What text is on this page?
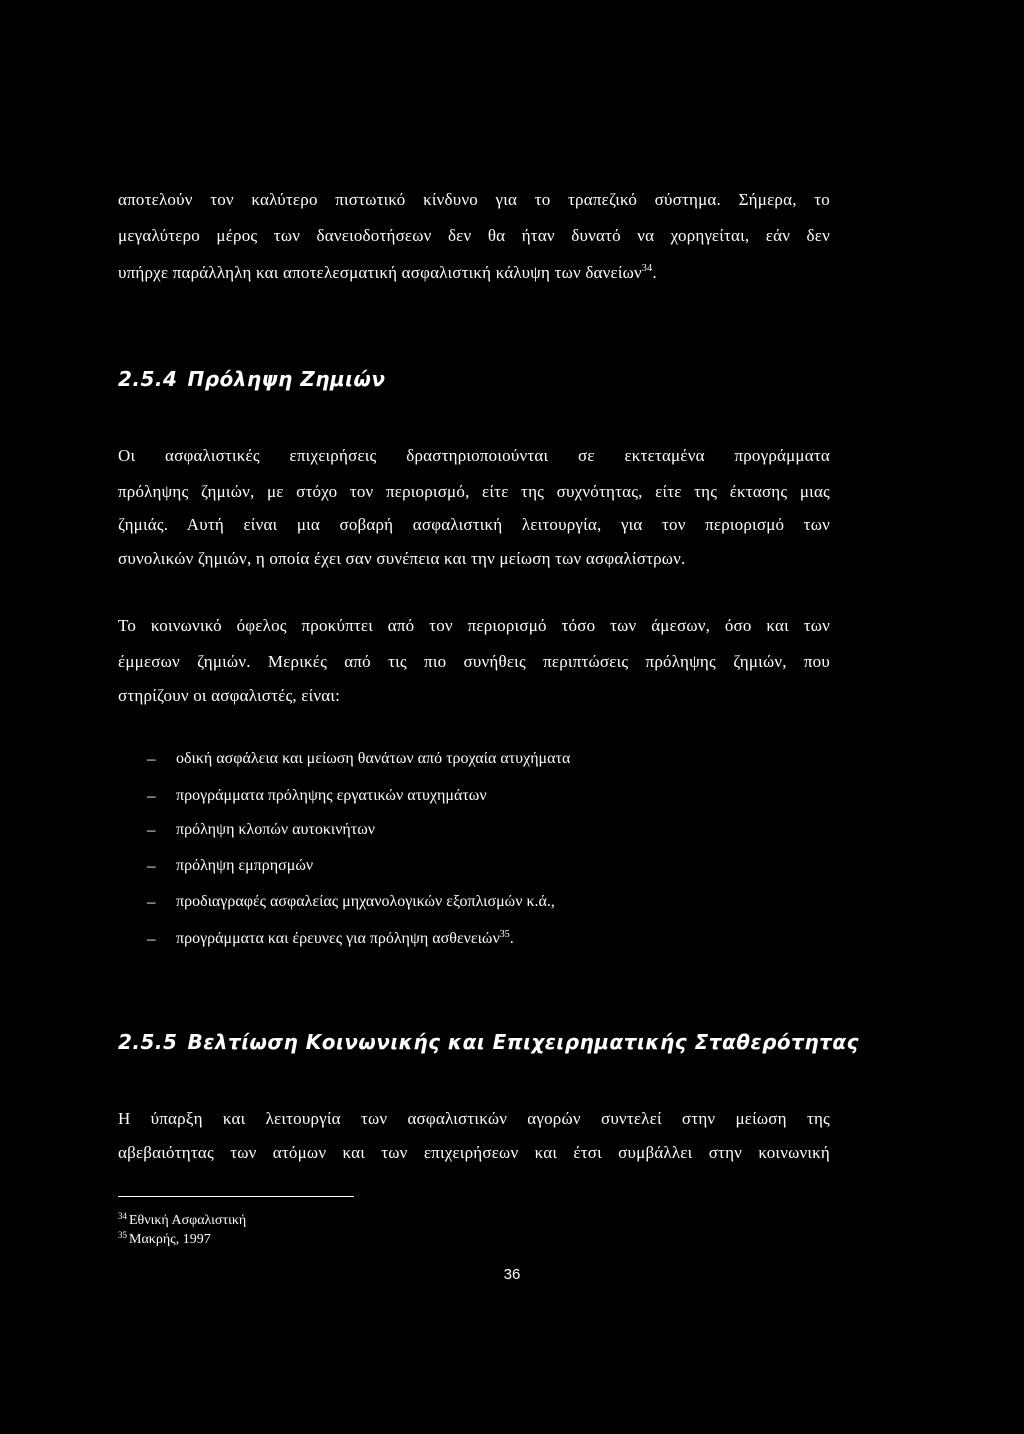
αποτελούν τον καλύτερο πιστωτικό κίνδυνο για το τραπεζικό σύστημα. Σήμερα, το
μεγαλύτερο μέρος των δανειοδοτήσεων δεν θα ήταν δυνατό να χορηγείται, εάν δεν
υπήρχε παράλληλη και αποτελεσματική ασφαλιστική κάλυψη των δανείων$^{34}$.
2.5.4 Πρόληψη Ζημιών
Οι ασφαλιστικές επιχειρήσεις δραστηριοποιούνται σε εκτεταμένα προγράμματα
πρόληψης ζημιών, με στόχο τον περιορισμό, είτε της συχνότητας, είτε της έκτασης μιας
ζημιάς. Αυτή είναι μια σοβαρή ασφαλιστική λειτουργία, για τον περιορισμό των
συνολικών ζημιών, η οποία έχει σαν συνέπεια και την μείωση των ασφαλίστρων.
Το κοινωνικό όφελος προκύπτει από τον περιορισμό τόσο των άμεσων, όσο και των
έμμεσων ζημιών. Μερικές από τις πιο συνήθεις περιπτώσεις πρόληψης ζημιών, που
στηρίζουν οι ασφαλιστές, είναι:
– οδική ασφάλεια και μείωση θανάτων από τροχαία ατυχήματα
– προγράμματα πρόληψης εργατικών ατυχημάτων
– πρόληψη κλοπών αυτοκινήτων
– πρόληψη εμπρησμών
– προδιαγραφές ασφαλείας μηχανολογικών εξοπλισμών κ.ά.,
– προγράμματα και έρευνες για πρόληψη ασθενειών$^{35}$.
2.5.5 Βελτίωση Κοινωνικής και Επιχειρηματικής Σταθερότητας
Η ύπαρξη και λειτουργία των ασφαλιστικών αγορών συντελεί στην μείωση της
αβεβαιότητας των ατόμων και των επιχειρήσεων και έτσι συμβάλλει στην κοινωνική
$^{34}$ Εθνική Ασφαλιστική
$^{35}$ Μακρής, 1997
36
